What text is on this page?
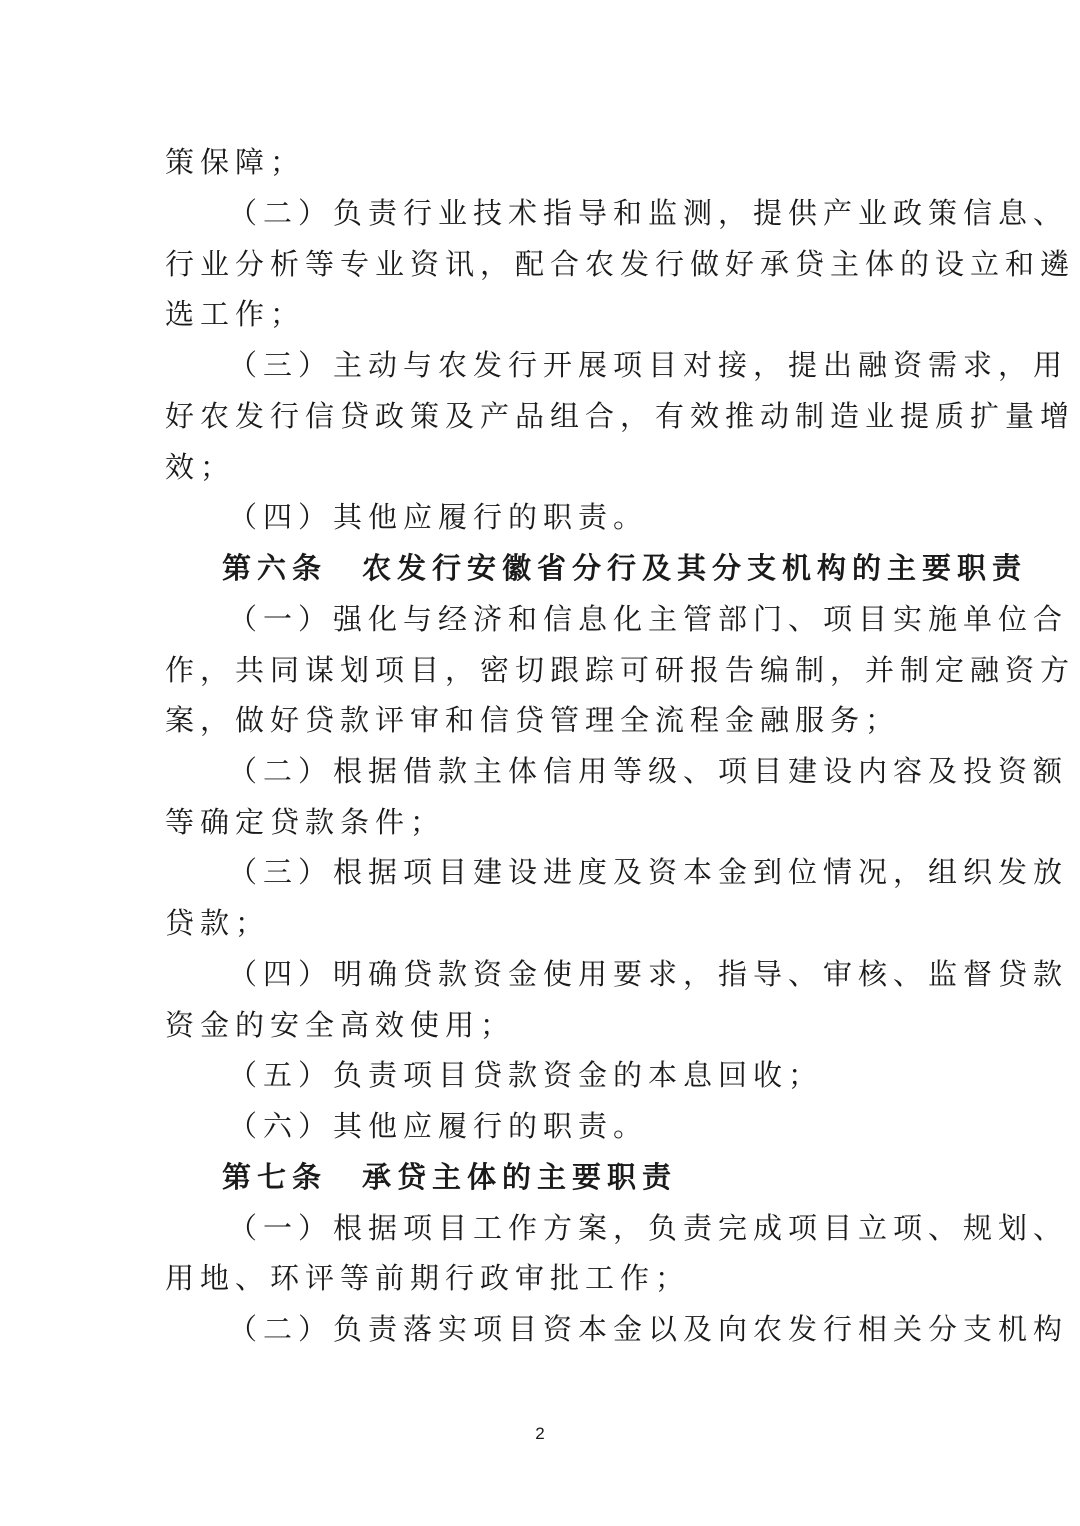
策保障；
（二）负责行业技术指导和监测，提供产业政策信息、
行业分析等专业资讯，配合农发行做好承贷主体的设立和遴
选工作；
（三）主动与农发行开展项目对接，提出融资需求，用
好农发行信贷政策及产品组合，有效推动制造业提质扩量增
效；
（四）其他应履行的职责。
第六条　农发行安徽省分行及其分支机构的主要职责
（一）强化与经济和信息化主管部门、项目实施单位合
作，共同谋划项目，密切跟踪可研报告编制，并制定融资方
案，做好贷款评审和信贷管理全流程金融服务；
（二）根据借款主体信用等级、项目建设内容及投资额
等确定贷款条件；
（三）根据项目建设进度及资本金到位情况，组织发放
贷款；
（四）明确贷款资金使用要求，指导、审核、监督贷款
资金的安全高效使用；
（五）负责项目贷款资金的本息回收；
（六）其他应履行的职责。
第七条　承贷主体的主要职责
（一）根据项目工作方案，负责完成项目立项、规划、
用地、环评等前期行政审批工作；
（二）负责落实项目资本金以及向农发行相关分支机构
2
